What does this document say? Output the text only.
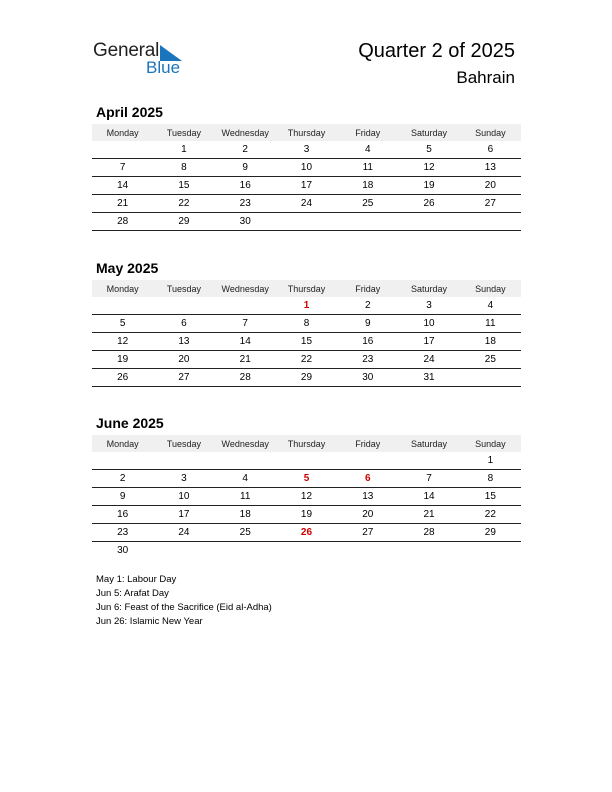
General
Blue
Quarter 2 of 2025
Bahrain
April 2025
Monday	Tuesday	Wednesday	Thursday	Friday	Saturday	Sunday
	1	2	3	4	5	6
7	8	9	10	11	12	13
14	15	16	17	18	19	20
21	22	23	24	25	26	27
28	29	30				
May 2025
Monday	Tuesday	Wednesday	Thursday	Friday	Saturday	Sunday
			1	2	3	4
5	6	7	8	9	10	11
12	13	14	15	16	17	18
19	20	21	22	23	24	25
26	27	28	29	30	31	
June 2025
Monday	Tuesday	Wednesday	Thursday	Friday	Saturday	Sunday
						1
2	3	4	5	6	7	8
9	10	11	12	13	14	15
16	17	18	19	20	21	22
23	24	25	26	27	28	29
30						
May 1: Labour Day
Jun 5: Arafat Day
Jun 6: Feast of the Sacrifice (Eid al-Adha)
Jun 26: Islamic New Year
